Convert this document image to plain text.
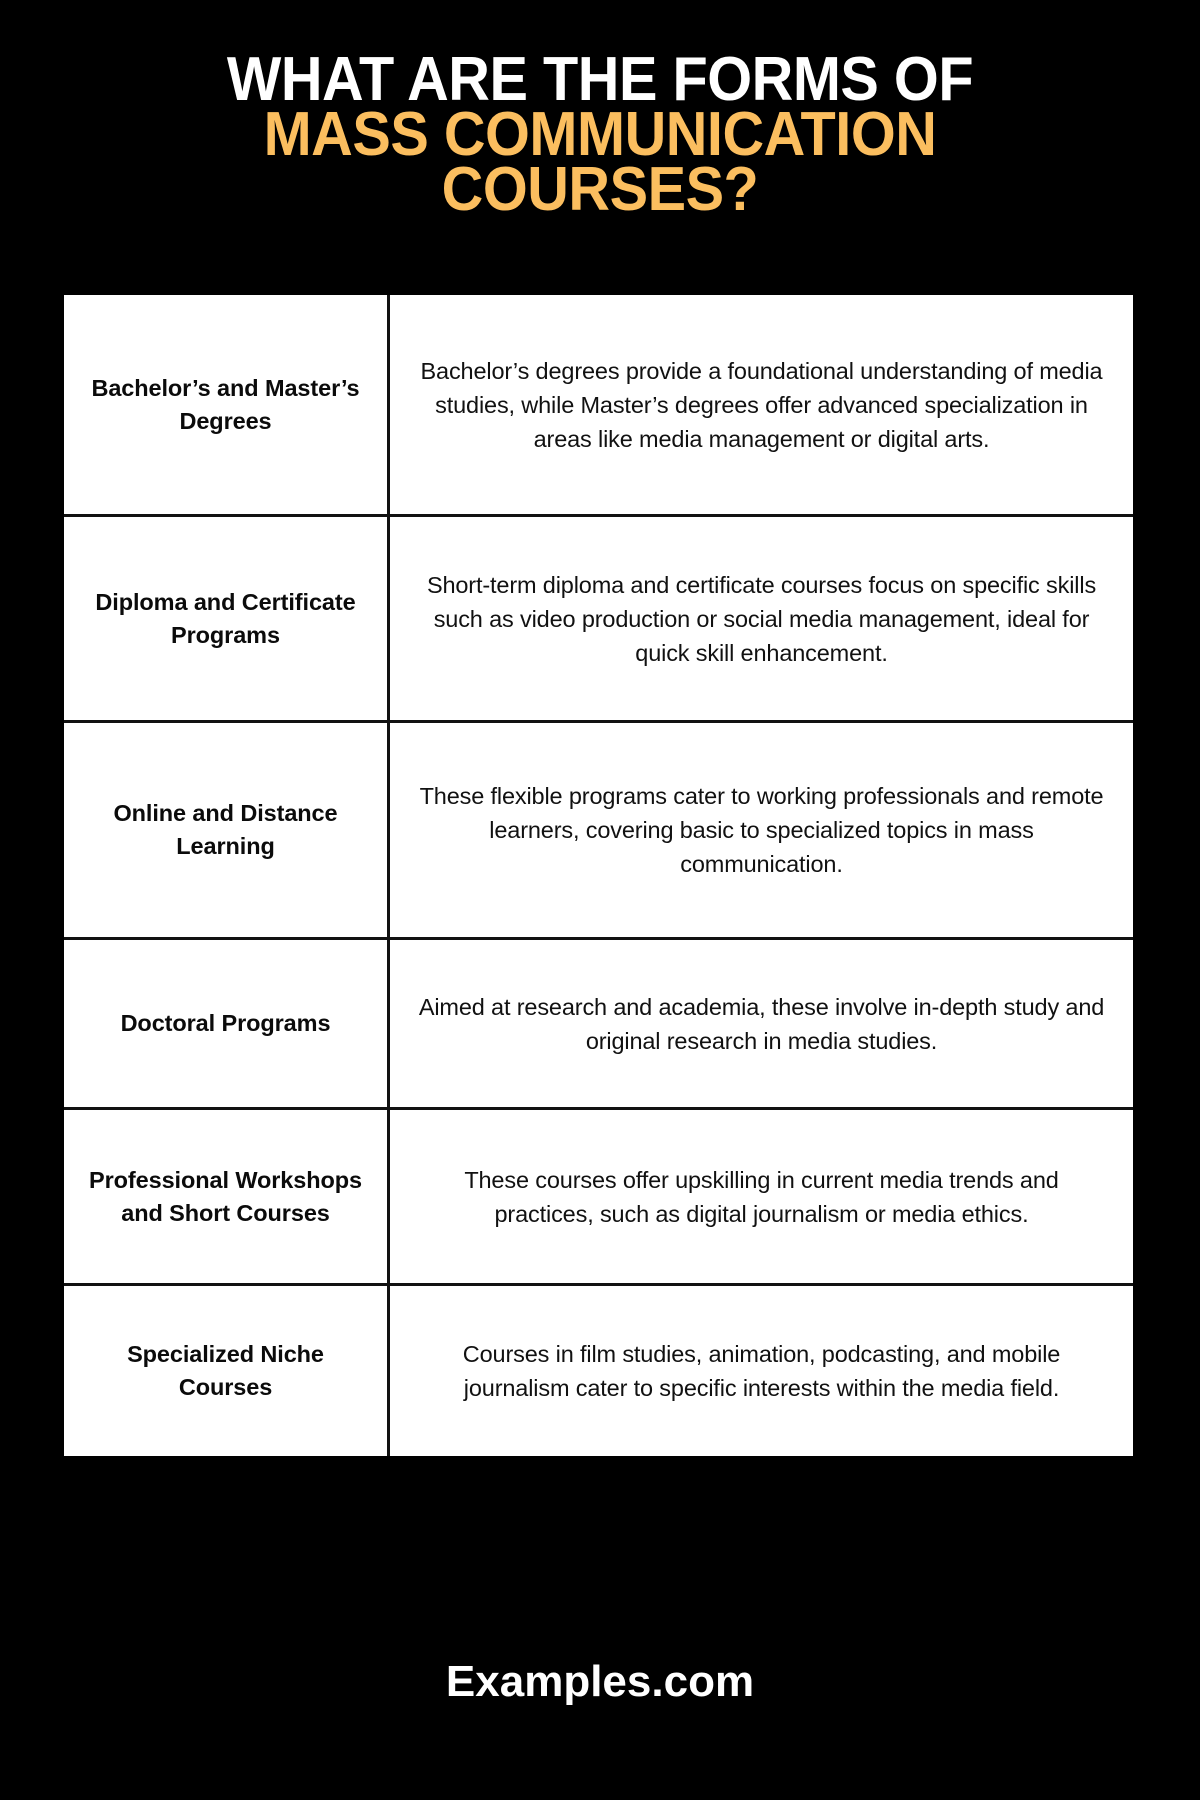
WHAT ARE THE FORMS OF
MASS COMMUNICATION
COURSES?
Bachelor’s and Master’s Degrees
Bachelor’s degrees provide a foundational understanding of media studies, while Master’s degrees offer advanced specialization in areas like media management or digital arts.
Diploma and Certificate Programs
Short-term diploma and certificate courses focus on specific skills such as video production or social media management, ideal for quick skill enhancement.
Online and Distance Learning
These flexible programs cater to working professionals and remote learners, covering basic to specialized topics in mass communication.
Doctoral Programs
Aimed at research and academia, these involve in-depth study and original research in media studies.
Professional Workshops and Short Courses
These courses offer upskilling in current media trends and practices, such as digital journalism or media ethics.
Specialized Niche Courses
Courses in film studies, animation, podcasting, and mobile journalism cater to specific interests within the media field.
Examples.com
